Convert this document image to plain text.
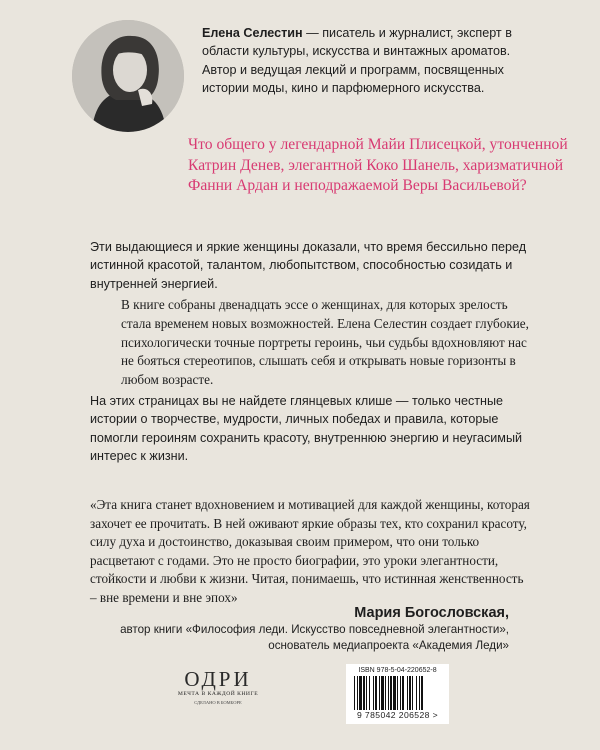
Елена Селестин — писатель и журналист, эксперт в области культуры, искусства и винтажных ароматов. Автор и ведущая лекций и программ, посвященных истории моды, кино и парфюмерного искусства.
Что общего у легендарной Майи Плисецкой, утонченной Катрин Денев, элегантной Коко Шанель, харизматичной Фанни Ардан и неподражаемой Веры Васильевой?
Эти выдающиеся и яркие женщины доказали, что время бессильно перед истинной красотой, талантом, любопытством, способностью созидать и внутренней энергией.
В книге собраны двенадцать эссе о женщинах, для которых зрелость стала временем новых возможностей. Елена Селестин создает глубокие, психологически точные портреты героинь, чьи судьбы вдохновляют нас не бояться стереотипов, слышать себя и открывать новые горизонты в любом возрасте.
На этих страницах вы не найдете глянцевых клише — только честные истории о творчестве, мудрости, личных победах и правила, которые помогли героиням сохранить красоту, внутреннюю энергию и неугасимый интерес к жизни.
«Эта книга станет вдохновением и мотивацией для каждой женщины, которая захочет ее прочитать. В ней оживают яркие образы тех, кто сохранил красоту, силу духа и достоинство, доказывая своим примером, что они только расцветают с годами. Это не просто биографии, это уроки элегантности, стойкости и любви к жизни. Читая, понимаешь, что истинная женственность – вне времени и вне эпох»
Мария Богословская,
автор книги «Философия леди. Искусство повседневной элегантности»,
основатель медиапроекта «Академия Леди»
ОДРИ
МЕЧТА В КАЖДОЙ КНИГЕ
СДЕЛАНО В БОМБОРЕ
ISBN 978-5-04-220652-8
9 785042 206528 >
